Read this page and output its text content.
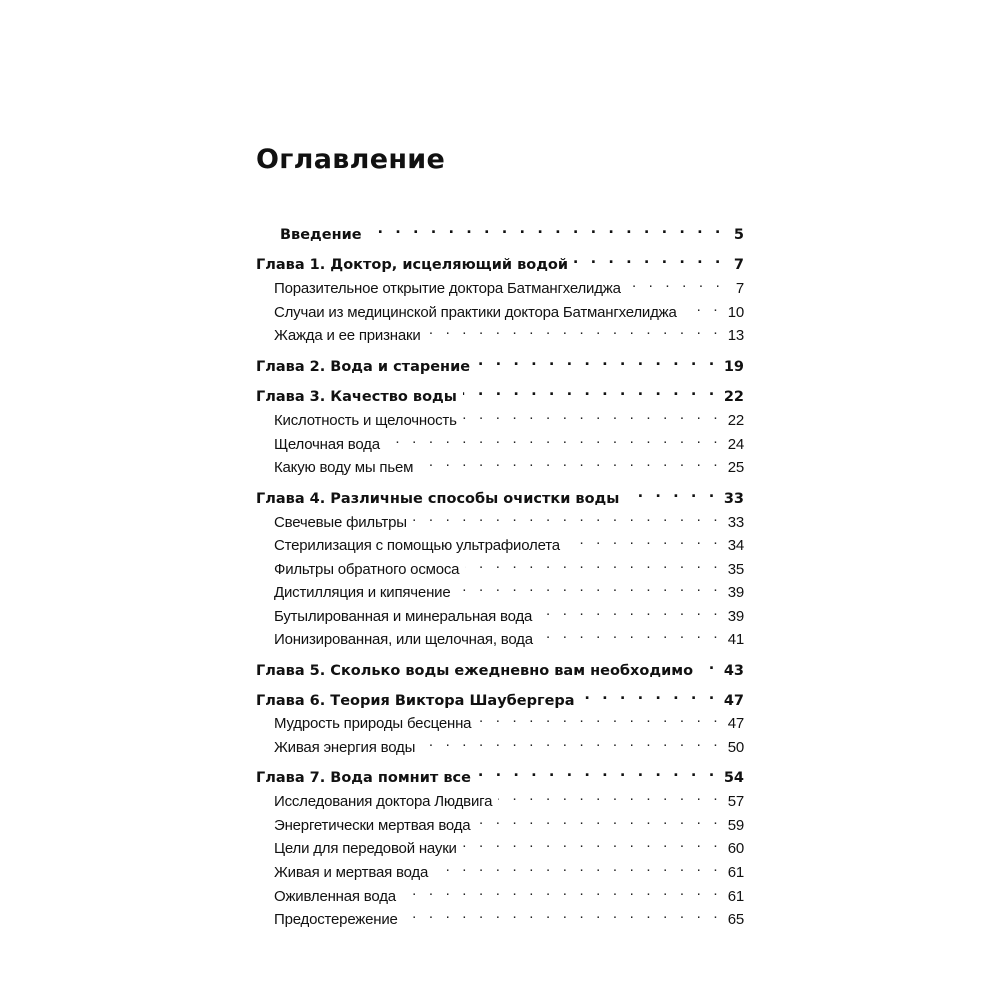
Оглавление
Введение . . .	5
Глава 1. Доктор, исцеляющий водой . . .	7
Поразительное открытие доктора Батмангхелиджа . . .	7
Случаи из медицинской практики доктора Батмангхелиджа . . .	10
Жажда и ее признаки . . .	13
Глава 2. Вода и старение . . .	19
Глава 3. Качество воды . . .	22
Кислотность и щелочность . . .	22
Щелочная вода . . .	24
Какую воду мы пьем . . .	25
Глава 4. Различные способы очистки воды . . .	33
Свечевые фильтры . . .	33
Стерилизация с помощью ультрафиолета . . .	34
Фильтры обратного осмоса . . .	35
Дистилляция и кипячение . . .	39
Бутылированная и минеральная вода . . .	39
Ионизированная, или щелочная, вода . . .	41
Глава 5. Сколько воды ежедневно вам необходимо . . . 43
Глава 6. Теория Виктора Шаубергера . . .	47
Мудрость природы бесценна . . .	47
Живая энергия воды . . .	50
Глава 7. Вода помнит все . . .	54
Исследования доктора Людвига . . .	57
Энергетически мертвая вода . . .	59
Цели для передовой науки . . .	60
Живая и мертвая вода . . .	61
Оживленная вода . . .	61
Предостережение . . .	65
